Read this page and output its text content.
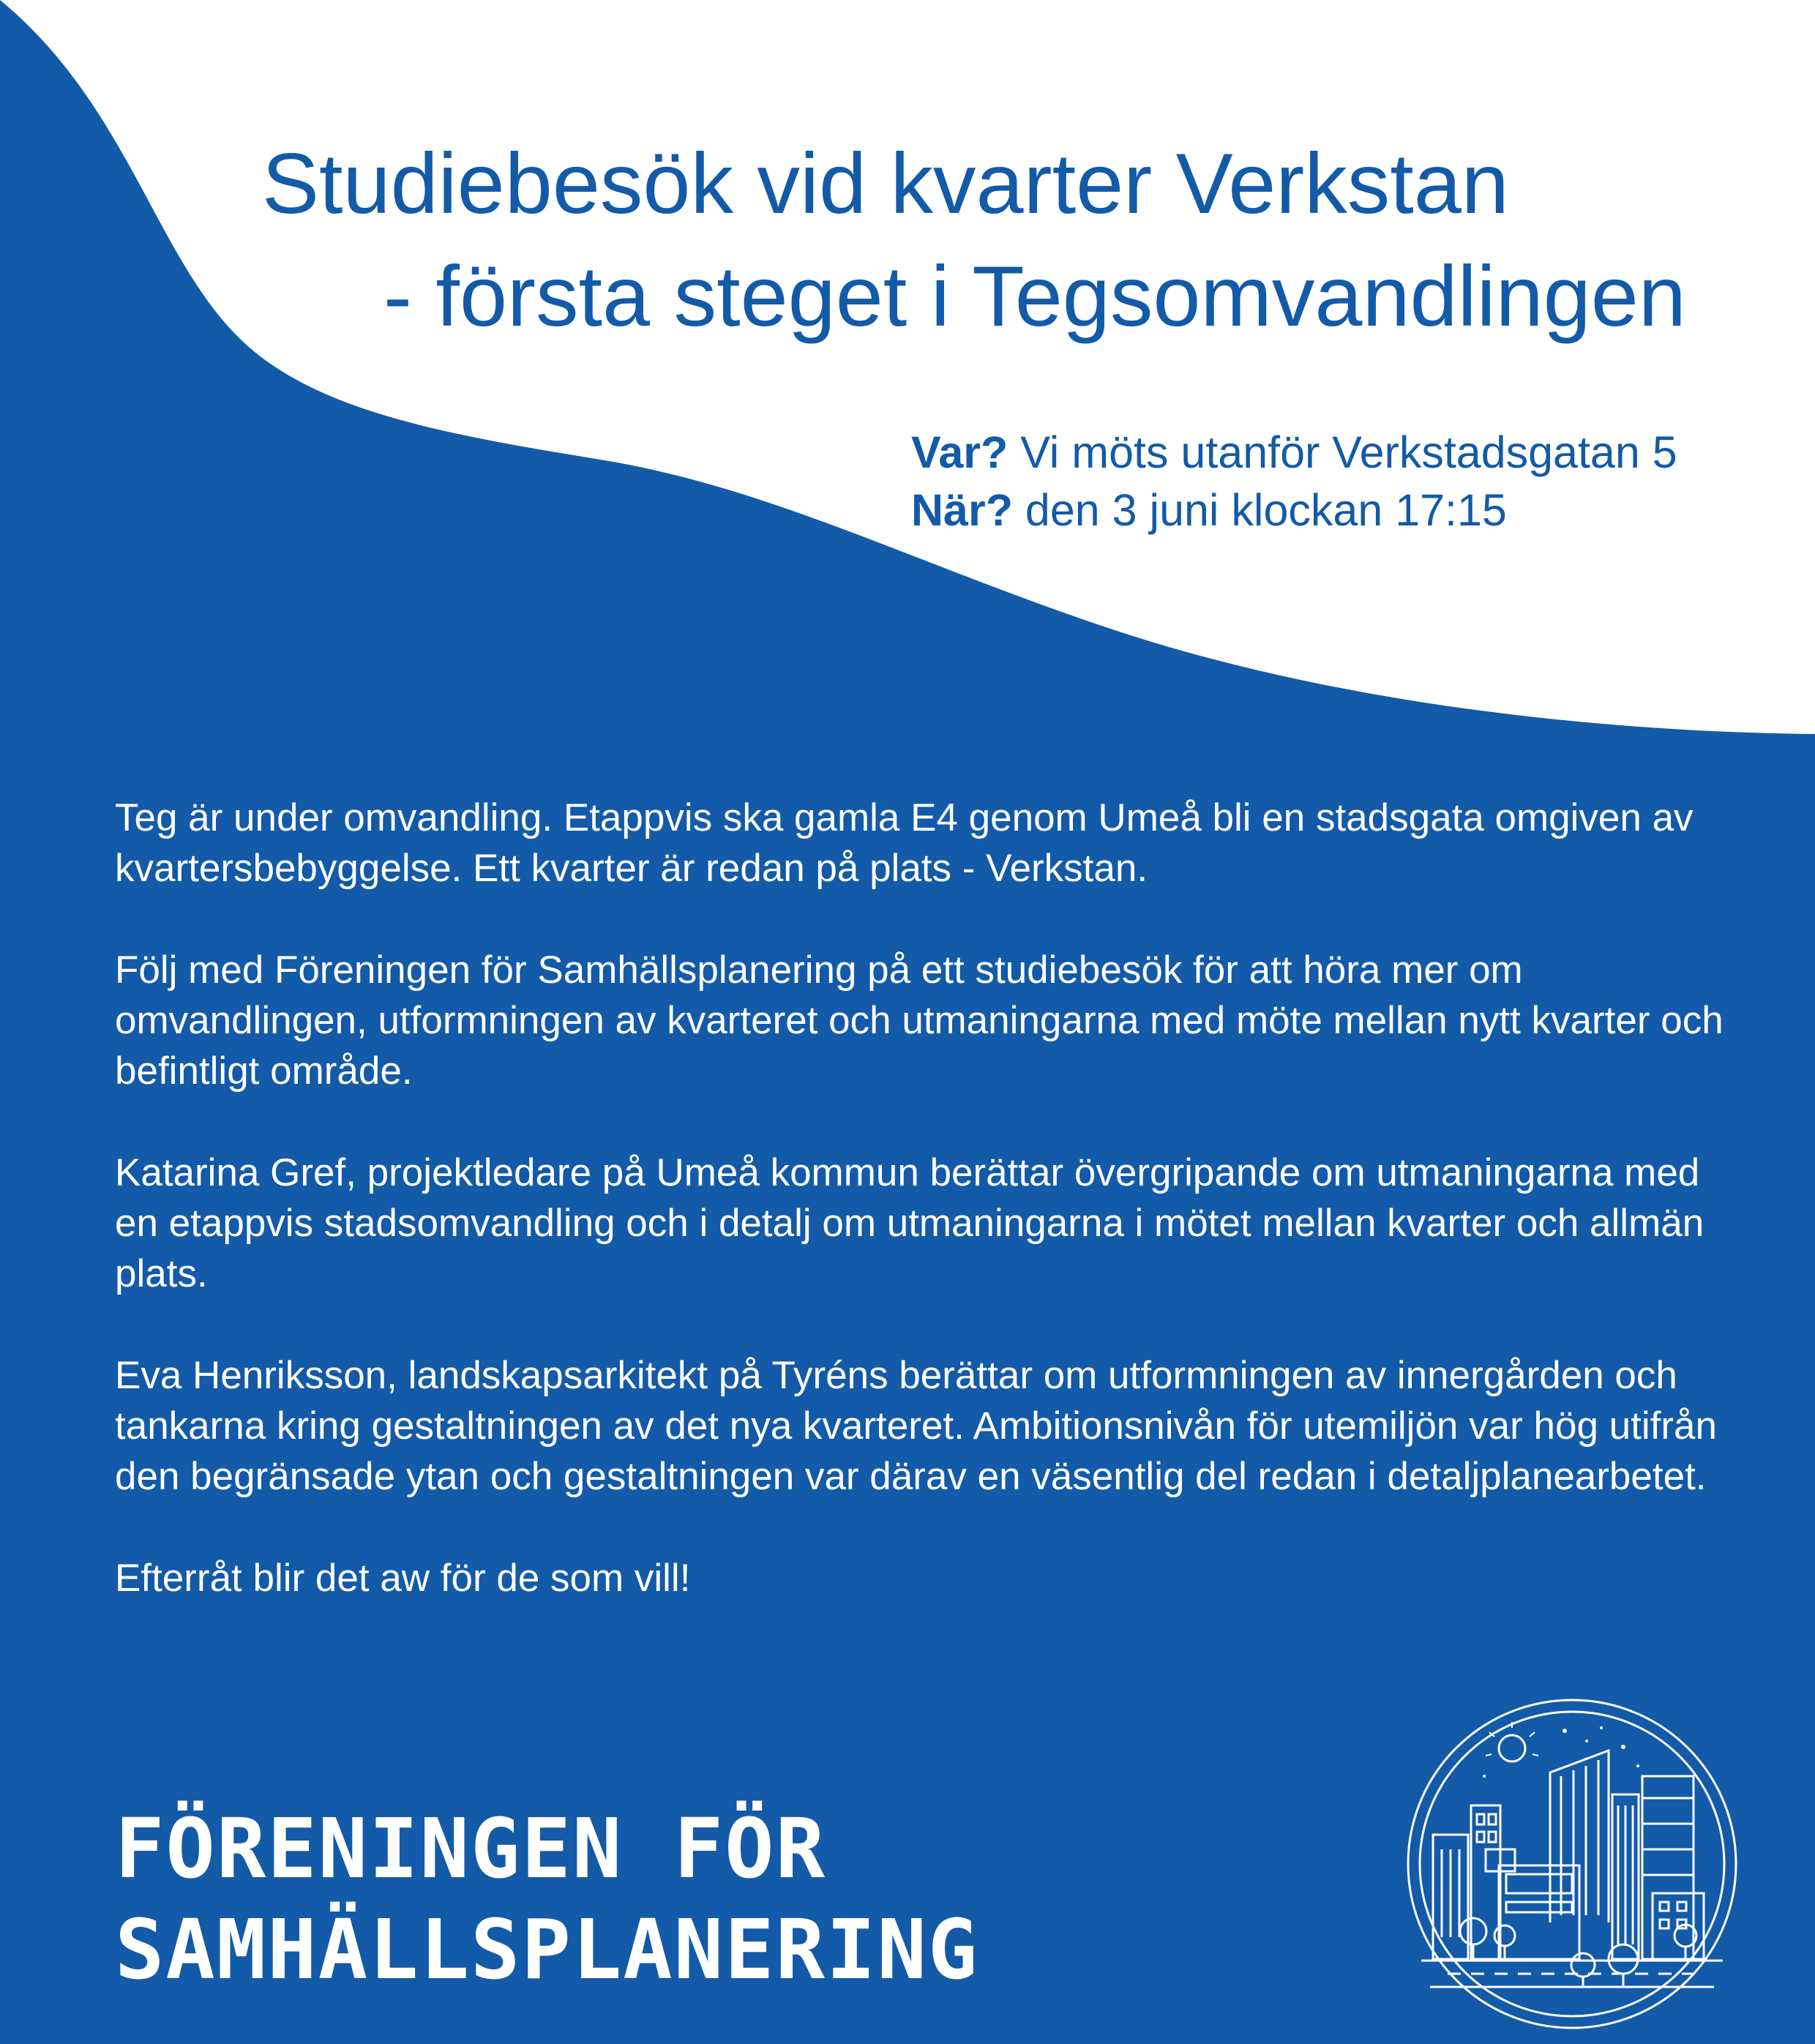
Studiebesök vid kvarter Verkstan
- första steget i Tegsomvandlingen
Var? Vi möts utanför Verkstadsgatan 5
När? den 3 juni klockan 17:15

Teg är under omvandling. Etappvis ska gamla E4 genom Umeå bli en stadsgata omgiven av kvartersbebyggelse. Ett kvarter är redan på plats - Verkstan.

Följ med Föreningen för Samhällsplanering på ett studiebesök för att höra mer om omvandlingen, utformningen av kvarteret och utmaningarna med möte mellan nytt kvarter och befintligt område.

Katarina Gref, projektledare på Umeå kommun berättar övergripande om utmaningarna med en etappvis stadsomvandling och i detalj om utmaningarna i mötet mellan kvarter och allmän plats.

Eva Henriksson, landskapsarkitekt på Tyréns berättar om utformningen av innergården och tankarna kring gestaltningen av det nya kvarteret. Ambitionsnivån för utemiljön var hög utifrån den begränsade ytan och gestaltningen var därav en väsentlig del redan i detaljplanearbetet.

Efterråt blir det aw för de som vill!

FÖRENINGEN FÖR
SAMHÄLLSPLANERING
